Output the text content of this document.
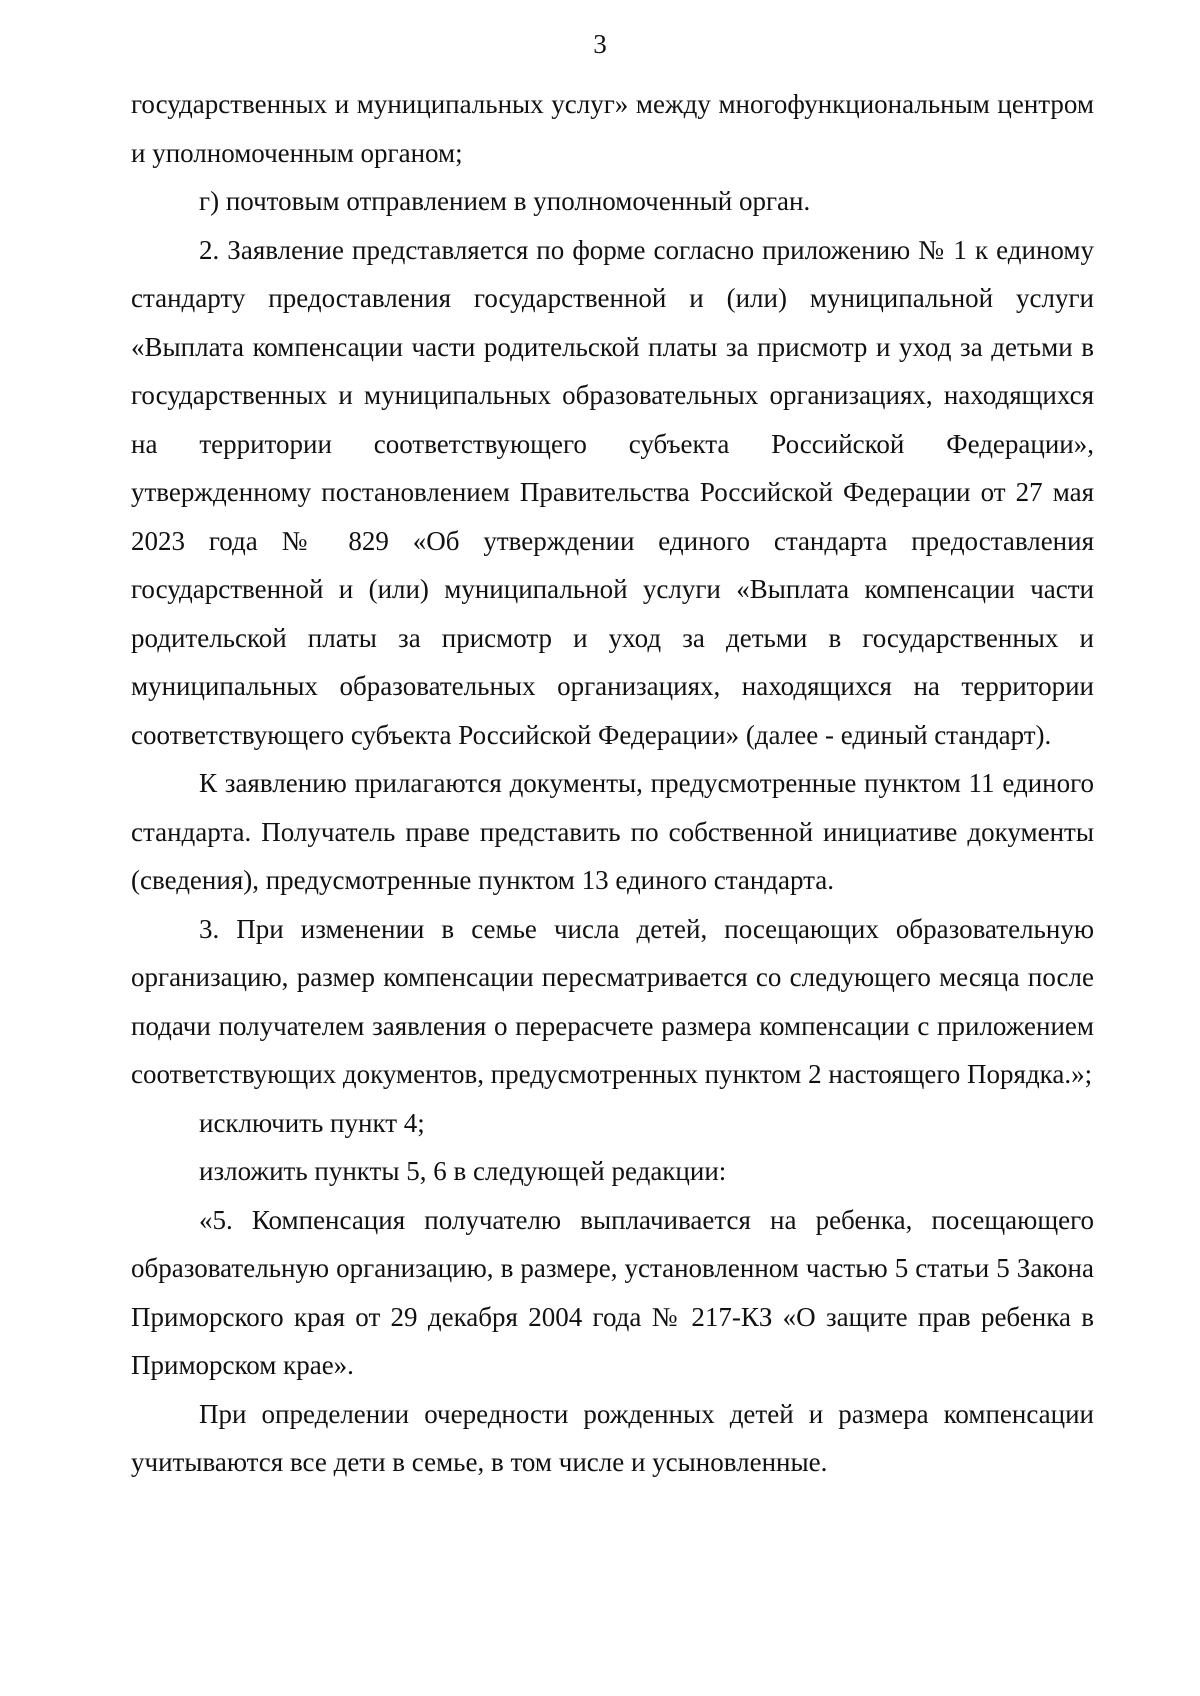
3

государственных и муниципальных услуг» между многофункциональным центром и уполномоченным органом;

г) почтовым отправлением в уполномоченный орган.

2. Заявление представляется по форме согласно приложению № 1 к единому стандарту предоставления государственной и (или) муниципальной услуги «Выплата компенсации части родительской платы за присмотр и уход за детьми в государственных и муниципальных образовательных организациях, находящихся на территории соответствующего субъекта Российской Федерации», утвержденному постановлением Правительства Российской Федерации от 27 мая 2023 года № 829 «Об утверждении единого стандарта предоставления государственной и (или) муниципальной услуги «Выплата компенсации части родительской платы за присмотр и уход за детьми в государственных и муниципальных образовательных организациях, находящихся на территории соответствующего субъекта Российской Федерации» (далее - единый стандарт).

К заявлению прилагаются документы, предусмотренные пунктом 11 единого стандарта. Получатель праве представить по собственной инициативе документы (сведения), предусмотренные пунктом 13 единого стандарта.

3. При изменении в семье числа детей, посещающих образовательную организацию, размер компенсации пересматривается со следующего месяца после подачи получателем заявления о перерасчете размера компенсации с приложением соответствующих документов, предусмотренных пунктом 2 настоящего Порядка.»;

исключить пункт 4;

изложить пункты 5, 6 в следующей редакции:

«5. Компенсация получателю выплачивается на ребенка, посещающего образовательную организацию, в размере, установленном частью 5 статьи 5 Закона Приморского края от 29 декабря 2004 года № 217-КЗ «О защите прав ребенка в Приморском крае».

При определении очередности рожденных детей и размера компенсации учитываются все дети в семье, в том числе и усыновленные.
